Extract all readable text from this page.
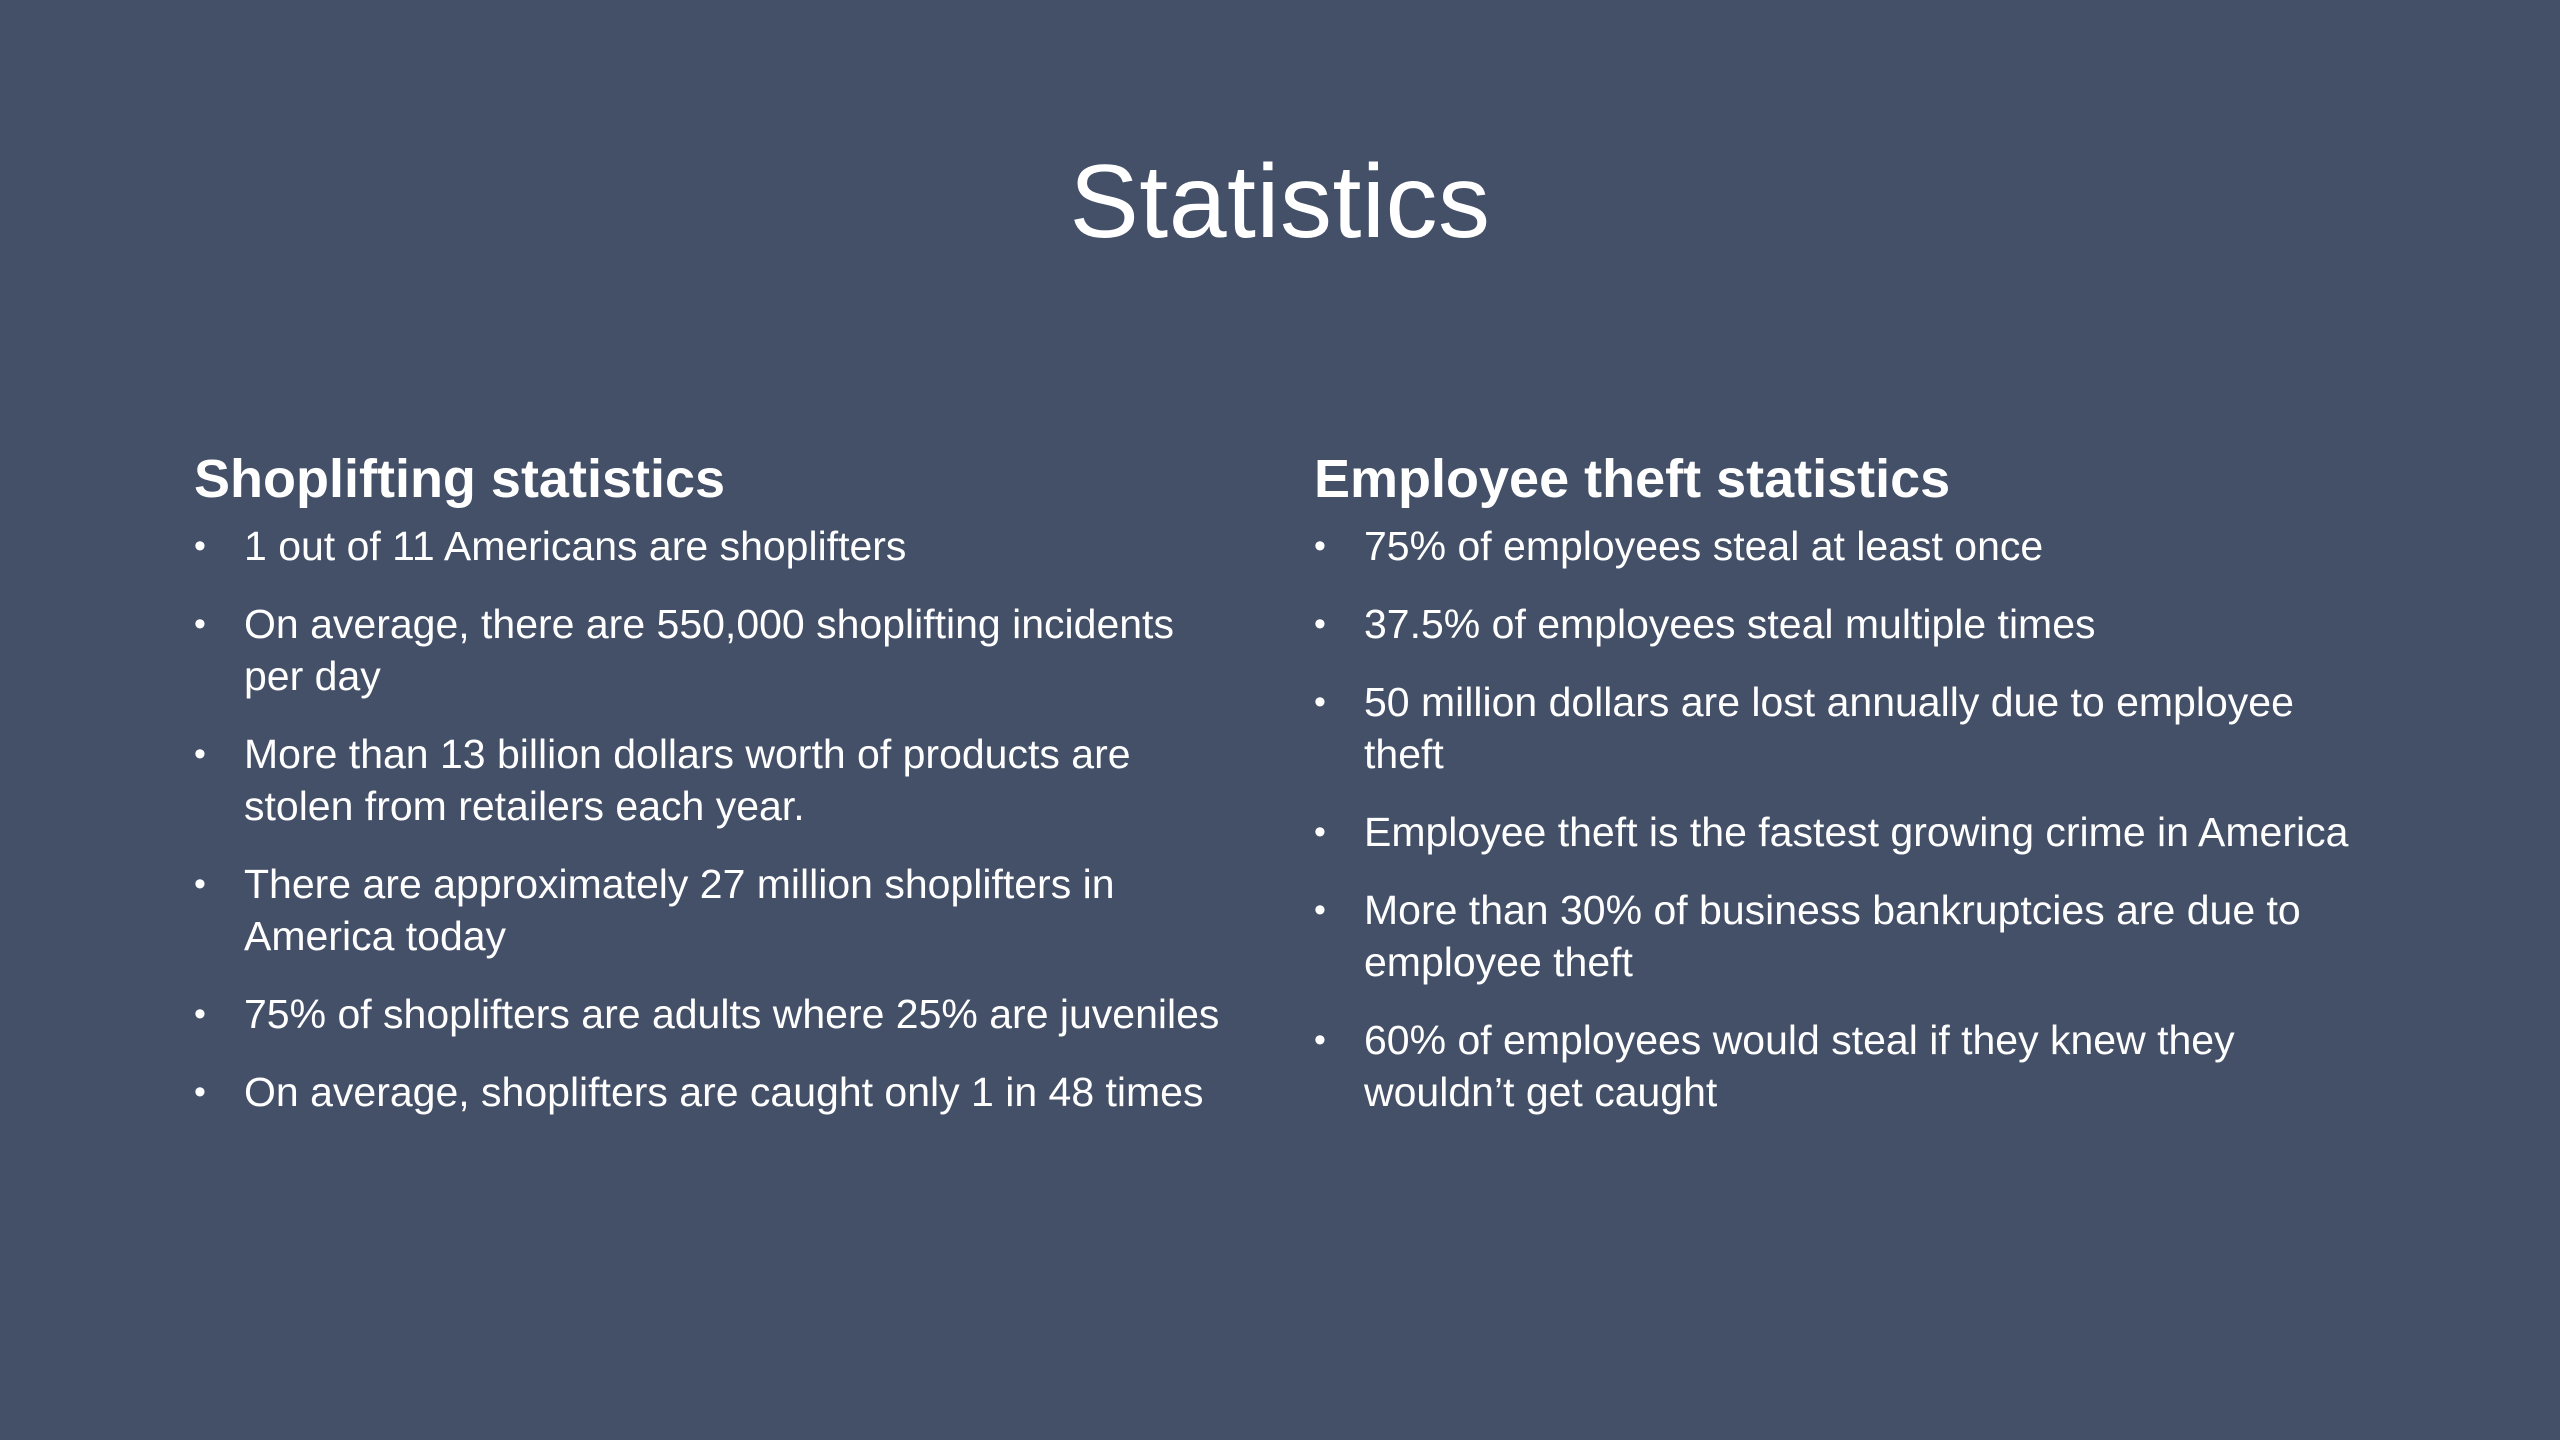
Statistics
Shoplifting statistics
• 1 out of 11 Americans are shoplifters
• On average, there are 550,000 shoplifting incidents per day
• More than 13 billion dollars worth of products are stolen from retailers each year.
• There are approximately 27 million shoplifters in America today
• 75% of shoplifters are adults where 25% are juveniles
• On average, shoplifters are caught only 1 in 48 times
Employee theft statistics
• 75% of employees steal at least once
• 37.5% of employees steal multiple times
• 50 million dollars are lost annually due to employee theft
• Employee theft is the fastest growing crime in America
• More than 30% of business bankruptcies are due to employee theft
• 60% of employees would steal if they knew they wouldn’t get caught
